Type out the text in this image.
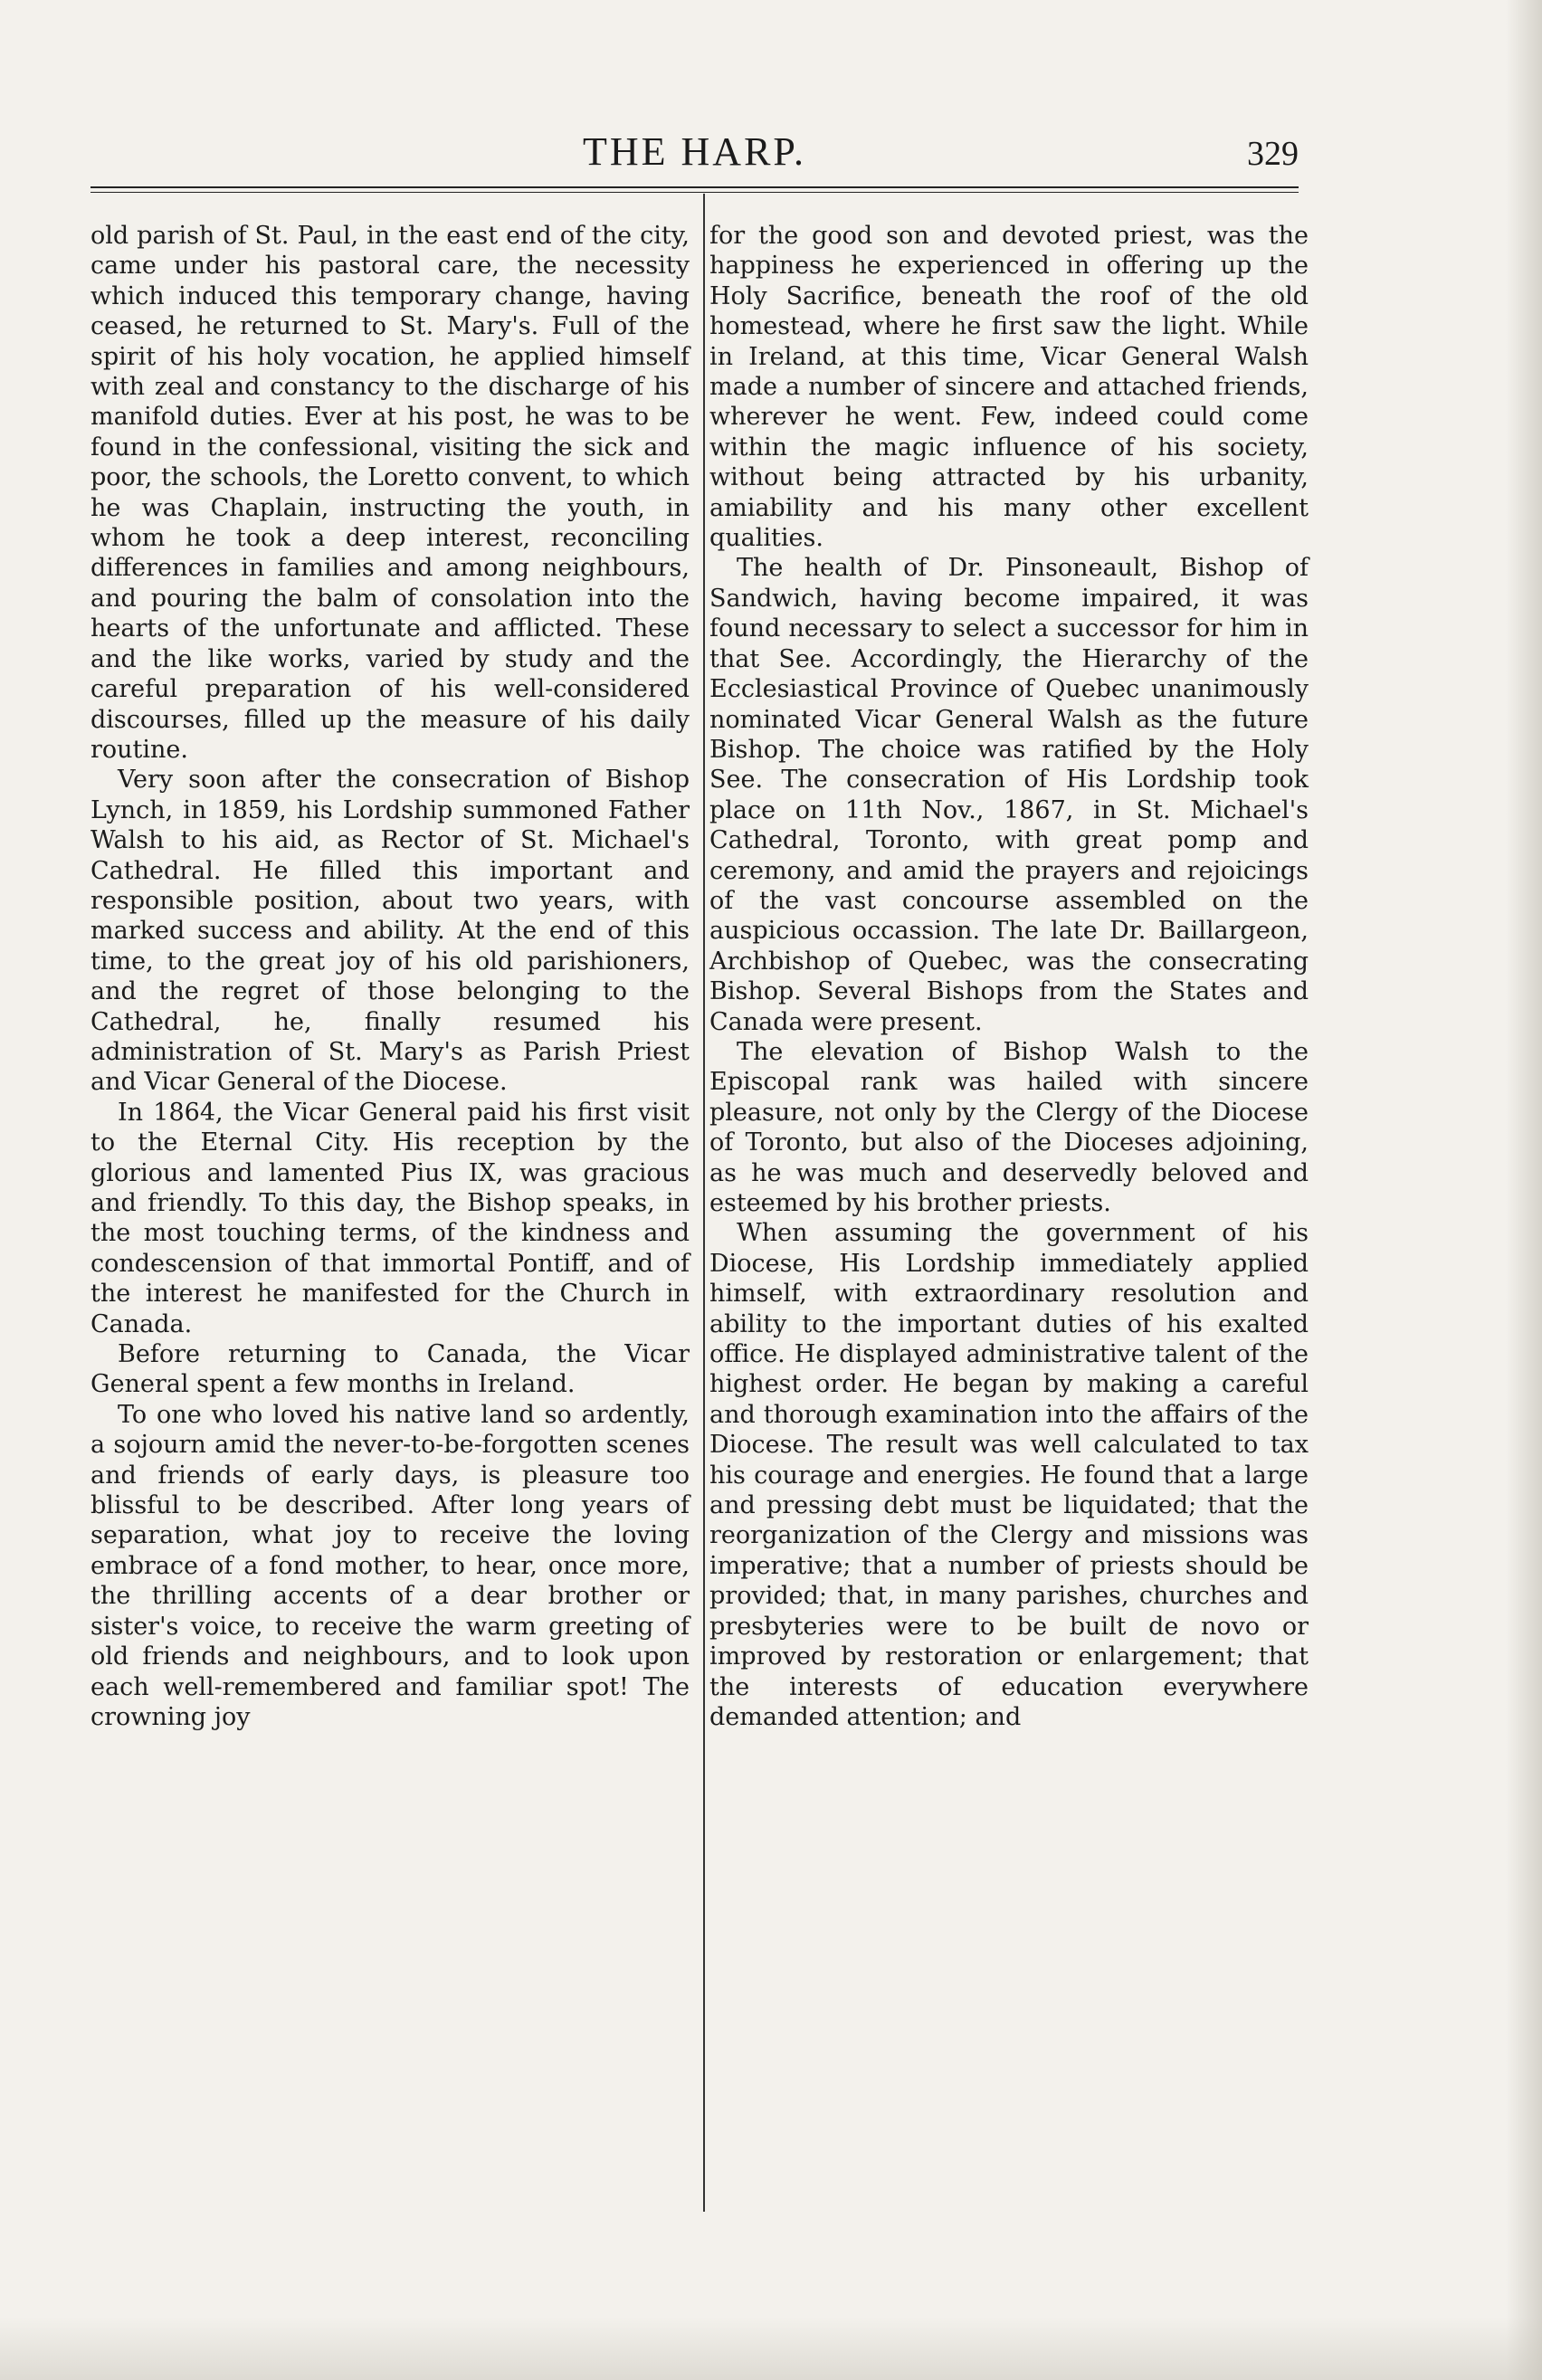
THE HARP.	329

old parish of St. Paul, in the east end of the city, came under his pastoral care, the necessity which induced this temporary change, having ceased, he returned to St. Mary's. Full of the spirit of his holy vocation, he applied himself with zeal and constancy to the discharge of his manifold duties. Ever at his post, he was to be found in the confessional, visiting the sick and poor, the schools, the Loretto convent, to which he was Chaplain, instructing the youth, in whom he took a deep interest, reconciling differences in families and among neighbours, and pouring the balm of consolation into the hearts of the unfortunate and afflicted. These and the like works, varied by study and the careful preparation of his well-considered discourses, filled up the measure of his daily routine.

Very soon after the consecration of Bishop Lynch, in 1859, his Lordship summoned Father Walsh to his aid, as Rector of St. Michael's Cathedral. He filled this important and responsible position, about two years, with marked success and ability. At the end of this time, to the great joy of his old parishioners, and the regret of those belonging to the Cathedral, he, finally resumed his administration of St. Mary's as Parish Priest and Vicar General of the Diocese.

In 1864, the Vicar General paid his first visit to the Eternal City. His reception by the glorious and lamented Pius IX, was gracious and friendly. To this day, the Bishop speaks, in the most touching terms, of the kindness and condescension of that immortal Pontiff, and of the interest he manifested for the Church in Canada.

Before returning to Canada, the Vicar General spent a few months in Ireland.

To one who loved his native land so ardently, a sojourn amid the never-to-be-forgotten scenes and friends of early days, is pleasure too blissful to be described. After long years of separation, what joy to receive the loving embrace of a fond mother, to hear, once more, the thrilling accents of a dear brother or sister's voice, to receive the warm greeting of old friends and neighbours, and to look upon each well-remembered and familiar spot! The crowning joy

for the good son and devoted priest, was the happiness he experienced in offering up the Holy Sacrifice, beneath the roof of the old homestead, where he first saw the light. While in Ireland, at this time, Vicar General Walsh made a number of sincere and attached friends, wherever he went. Few, indeed could come within the magic influence of his society, without being attracted by his urbanity, amiability and his many other excellent qualities.

The health of Dr. Pinsoneault, Bishop of Sandwich, having become impaired, it was found necessary to select a successor for him in that See. Accordingly, the Hierarchy of the Ecclesiastical Province of Quebec unanimously nominated Vicar General Walsh as the future Bishop. The choice was ratified by the Holy See. The consecration of His Lordship took place on 11th Nov., 1867, in St. Michael's Cathedral, Toronto, with great pomp and ceremony, and amid the prayers and rejoicings of the vast concourse assembled on the auspicious occassion. The late Dr. Baillargeon, Archbishop of Quebec, was the consecrating Bishop. Several Bishops from the States and Canada were present.

The elevation of Bishop Walsh to the Episcopal rank was hailed with sincere pleasure, not only by the Clergy of the Diocese of Toronto, but also of the Dioceses adjoining, as he was much and deservedly beloved and esteemed by his brother priests.

When assuming the government of his Diocese, His Lordship immediately applied himself, with extraordinary resolution and ability to the important duties of his exalted office. He displayed administrative talent of the highest order. He began by making a careful and thorough examination into the affairs of the Diocese. The result was well calculated to tax his courage and energies. He found that a large and pressing debt must be liquidated; that the reorganization of the Clergy and missions was imperative; that a number of priests should be provided; that, in many parishes, churches and presbyteries were to be built de novo or improved by restoration or enlargement; that the interests of education everywhere demanded attention; and
